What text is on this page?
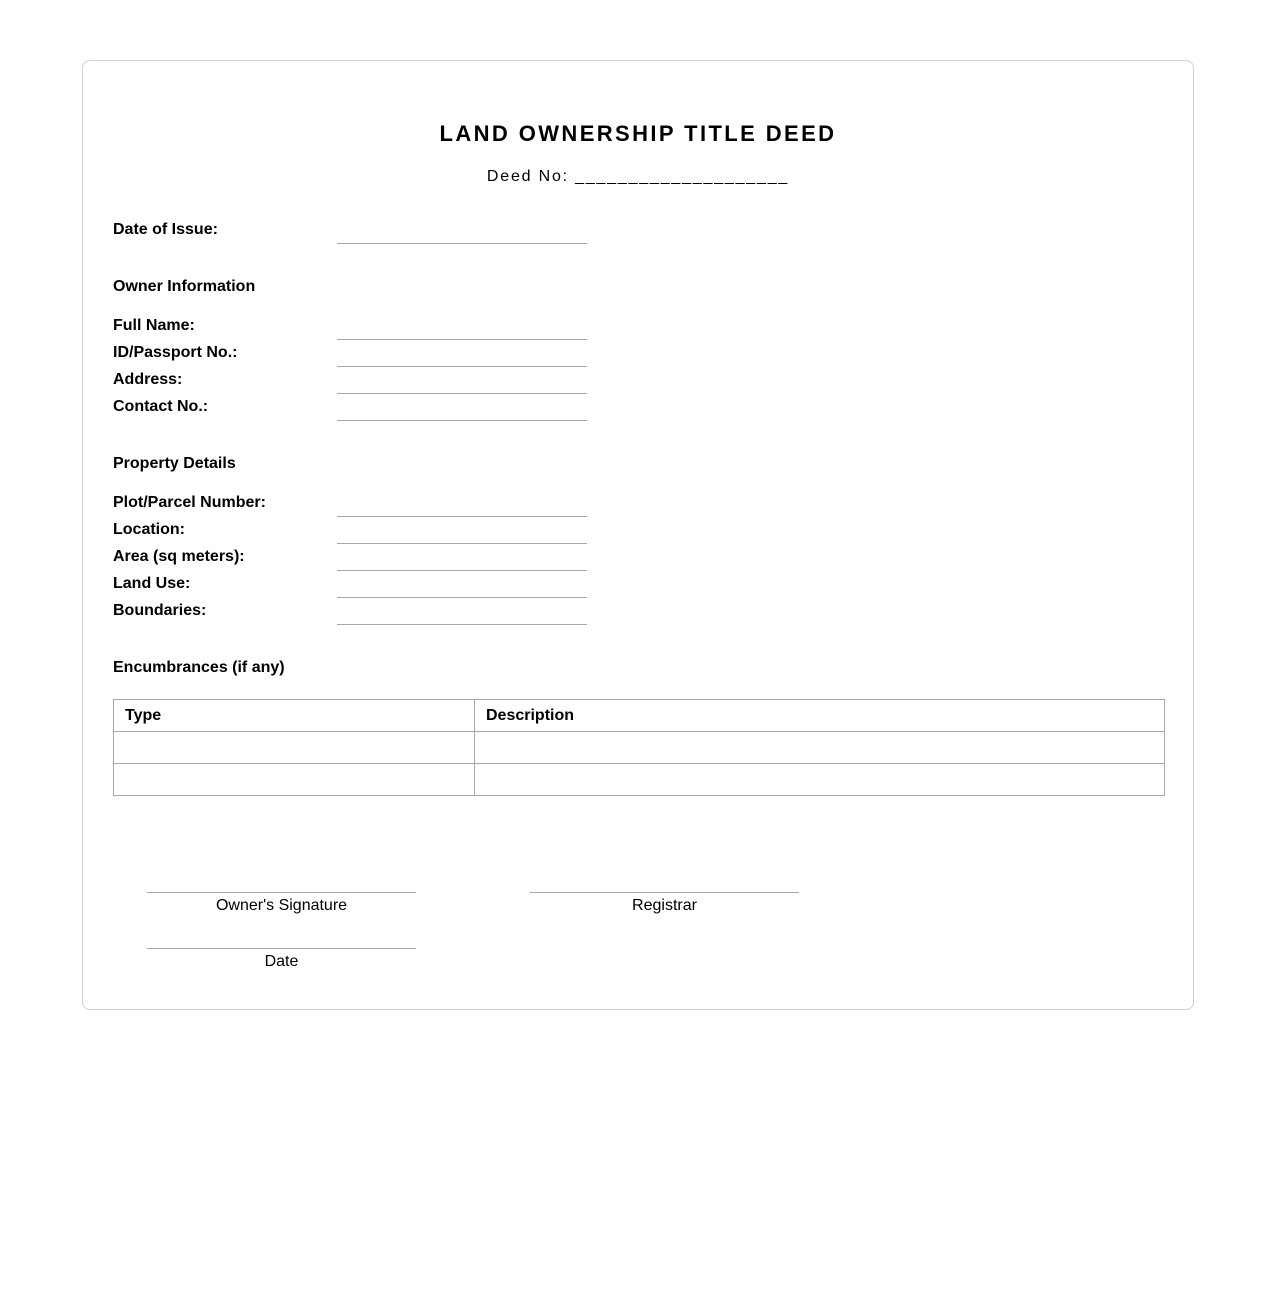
LAND OWNERSHIP TITLE DEED
Deed No: ____________________
Date of Issue:
Owner Information
Full Name:
ID/Passport No.:
Address:
Contact No.:
Property Details
Plot/Parcel Number:
Location:
Area (sq meters):
Land Use:
Boundaries:
Encumbrances (if any)
Type	Description

Owner's Signature	Registrar
Date
